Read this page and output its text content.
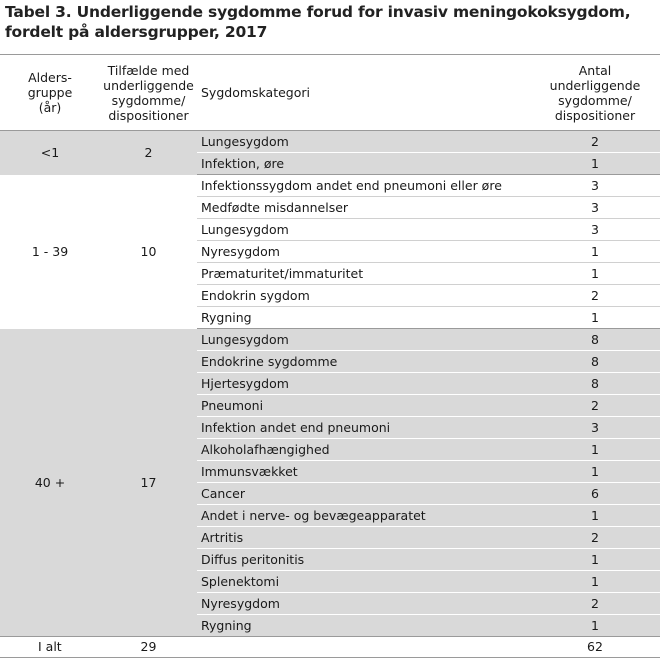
Tabel 3. Underliggende sygdomme forud for invasiv meningokoksygdom, fordelt på aldersgrupper, 2017
Alders-
gruppe
(år)	Tilfælde med
underliggende
sygdomme/
dispositioner	Sygdomskategori	Antal
underliggende
sygdomme/
dispositioner
<1	2	Lungesygdom	2
		Infektion, øre	1
1 - 39	10	Infektionssygdom andet end pneumoni eller øre	3
		Medfødte misdannelser	3
		Lungesygdom	3
		Nyresygdom	1
		Præmaturitet/immaturitet	1
		Endokrin sygdom	2
		Rygning	1
40 +	17	Lungesygdom	8
		Endokrine sygdomme	8
		Hjertesygdom	8
		Pneumoni	2
		Infektion andet end pneumoni	3
		Alkoholafhængighed	1
		Immunsvækket	1
		Cancer	6
		Andet i nerve- og bevægeapparatet	1
		Artritis	2
		Diffus peritonitis	1
		Splenektomi	1
		Nyresygdom	2
		Rygning	1
I alt	29		62
